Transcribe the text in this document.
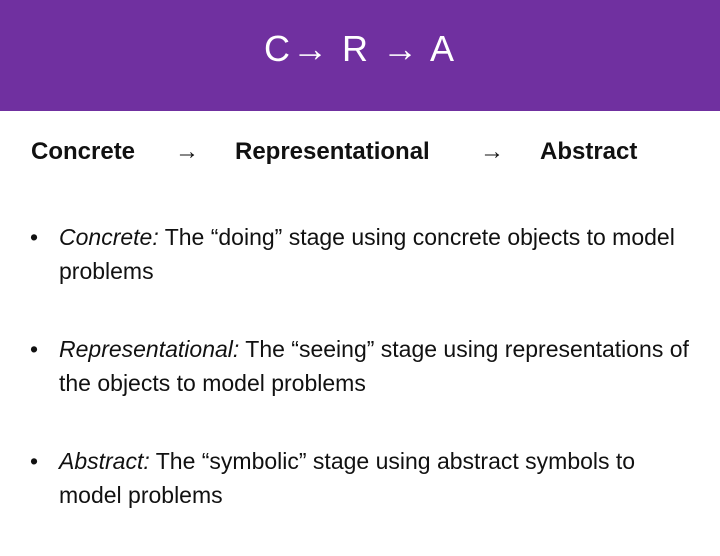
C→ R → A
Concrete → Representational → Abstract
• Concrete: The “doing” stage using concrete objects to model problems
• Representational: The “seeing” stage using representations of the objects to model problems
• Abstract: The “symbolic” stage using abstract symbols to model problems
